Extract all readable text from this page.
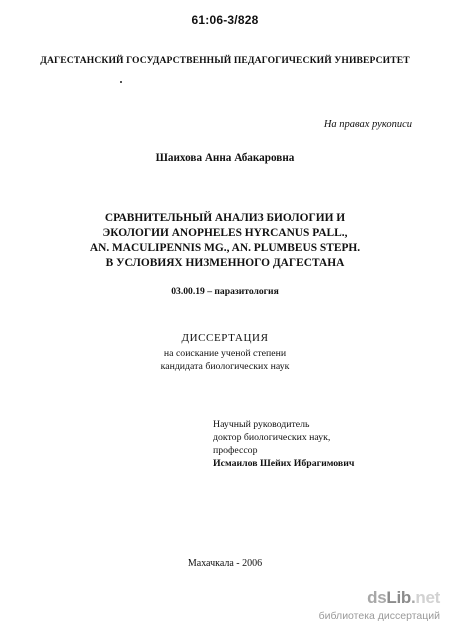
61:06-3/828
ДАГЕСТАНСКИЙ ГОСУДАРСТВЕННЫЙ ПЕДАГОГИЧЕСКИЙ УНИВЕРСИТЕТ
На правах рукописи
Шаихова Анна Абакаровна
СРАВНИТЕЛЬНЫЙ АНАЛИЗ БИОЛОГИИ И
ЭКОЛОГИИ ANOPHELES HYRCANUS PALL.,
AN. MACULIPENNIS MG., AN. PLUMBEUS STEPH.
В УСЛОВИЯХ НИЗМЕННОГО ДАГЕСТАНА
03.00.19 – паразитология
ДИССЕРТАЦИЯ
на соискание ученой степени
кандидата биологических наук
Научный руководитель
доктор биологических наук,
профессор
Исмаилов Шейих Ибрагимович
Махачкала - 2006
dsLib.net
библиотека диссертаций
